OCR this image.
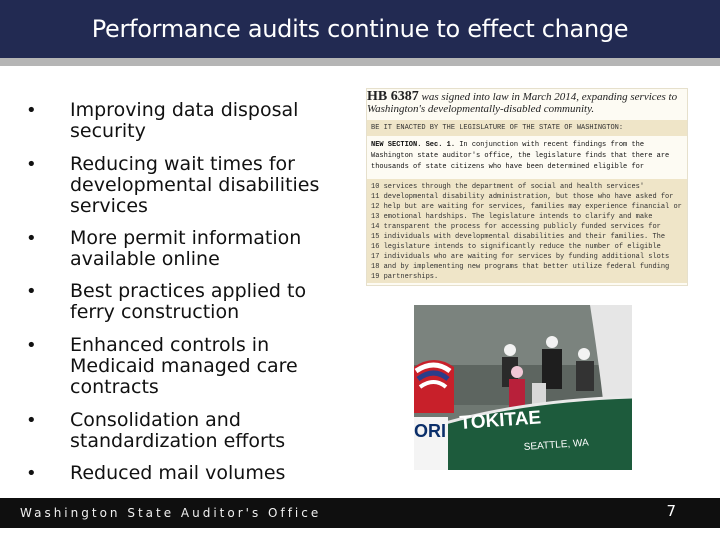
Performance audits continue to effect change
• Improving data disposal security
• Reducing wait times for developmental disabilities services
• More permit information available online
• Best practices applied to ferry construction
• Enhanced controls in Medicaid managed care contracts
• Consolidation and standardization efforts
• Reduced mail volumes
HB 6387 was signed into law in March 2014, expanding services to Washington's developmentally-disabled community.
BE IT ENACTED BY THE LEGISLATURE OF THE STATE OF WASHINGTON:
NEW SECTION. Sec. 1. In conjunction with recent findings from the Washington state auditor's office, the legislature finds that there are thousands of state citizens who have been determined eligible for
10 services through the department of social and health services'
11 developmental disability administration, but those who have asked for
12 help but are waiting for services, families may experience financial or
13 emotional hardships. The legislature intends to clarify and make
14 transparent the process for accessing publicly funded services for
15 individuals with developmental disabilities and their families. The
16 legislature intends to significantly reduce the number of eligible
17 individuals who are waiting for services by funding additional slots
18 and by implementing new programs that better utilize federal funding
19 partnerships.
ORI TOKITAE
SEATTLE, WA
Washington State Auditor's Office	7
